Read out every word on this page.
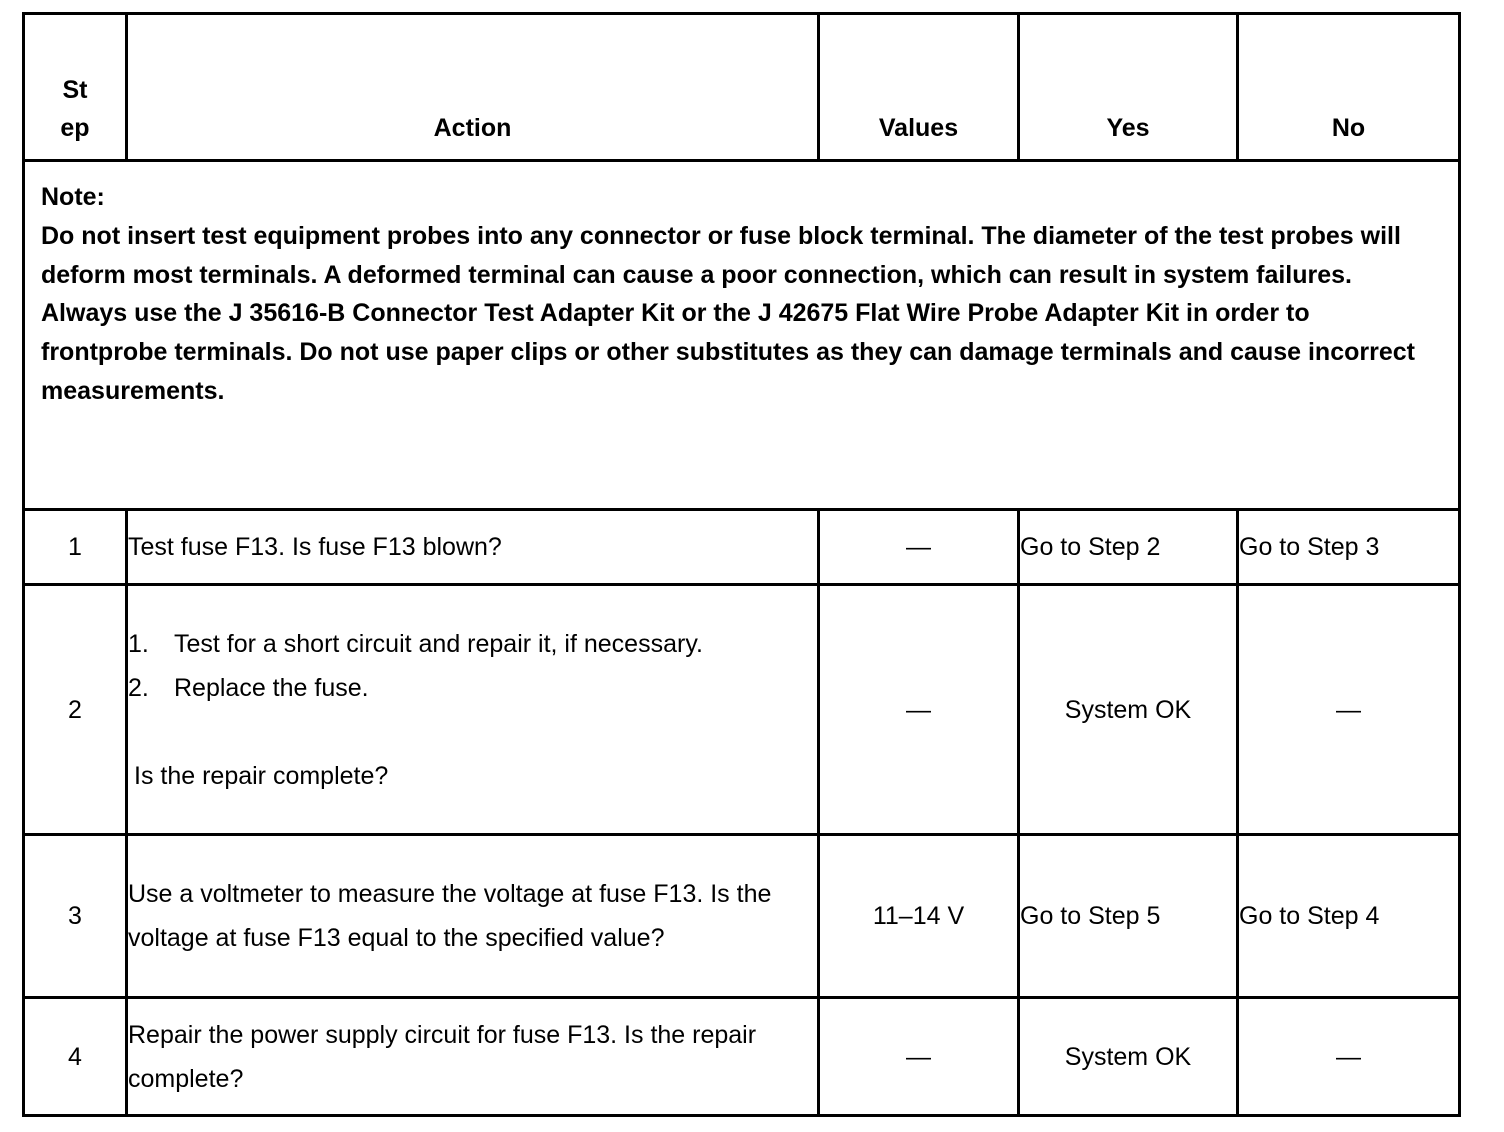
St
ep	Action	Values	Yes	No

Note:
Do not insert test equipment probes into any connector or fuse block terminal. The diameter of the test probes will deform most terminals. A deformed terminal can cause a poor connection, which can result in system failures. Always use the J 35616-B Connector Test Adapter Kit or the J 42675 Flat Wire Probe Adapter Kit in order to frontprobe terminals. Do not use paper clips or other substitutes as they can damage terminals and cause incorrect measurements.				

1	Test fuse F13. Is fuse F13 blown?	—	Go to Step 2	Go to Step 3
2	1. Test for a short circuit and repair it, if necessary.
2. Replace the fuse.
Is the repair complete?	—	System OK	—
3	Use a voltmeter to measure the voltage at fuse F13. Is the voltage at fuse F13 equal to the specified value?	11–14 V	Go to Step 5	Go to Step 4
4	Repair the power supply circuit for fuse F13. Is the repair complete?	—	System OK	—
